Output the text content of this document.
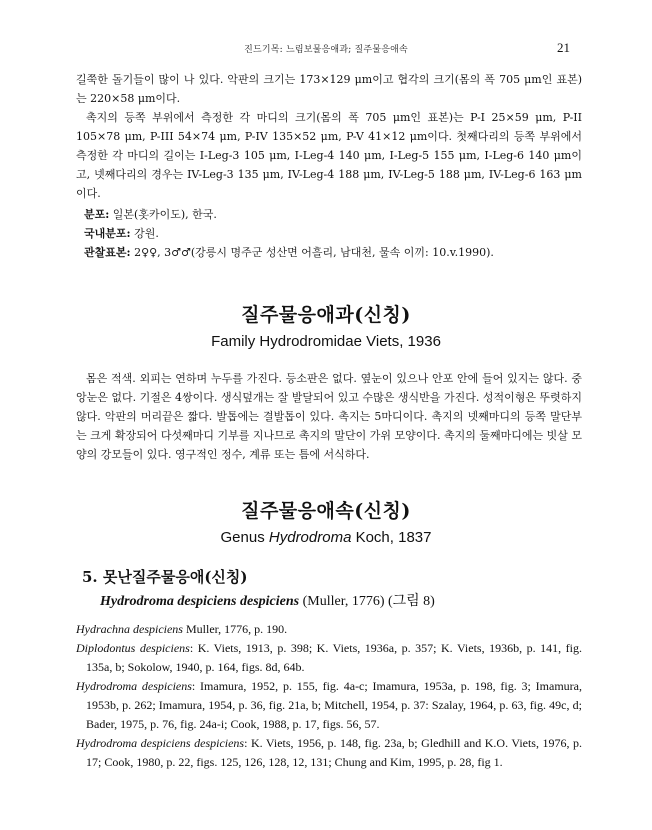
진드기목: 느림보물응애과; 질주물응애속	21

길쭉한 돌기들이 많이 나 있다. 악판의 크기는 173×129 μm이고 협각의 크기(몸의 폭 705 μm인 표본)는 220×58 μm이다.

촉지의 등쪽 부위에서 측정한 각 마디의 크기(몸의 폭 705 μm인 표본)는 P-I 25×59 μm, P-II 105×78 μm, P-III 54×74 μm, P-IV 135×52 μm, P-V 41×12 μm이다. 첫째다리의 등쪽 부위에서 측정한 각 마디의 길이는 I-Leg-3 105 μm, I-Leg-4 140 μm, I-Leg-5 155 μm, I-Leg-6 140 μm이고, 넷째다리의 경우는 IV-Leg-3 135 μm, IV-Leg-4 188 μm, IV-Leg-5 188 μm, IV-Leg-6 163 μm이다.

분포: 일본(홋카이도), 한국.
국내분포: 강원.
관찰표본: 2♀♀, 3♂♂(강릉시 명주군 성산면 어흘리, 남대천, 물속 이끼: 10.v.1990).
질주물응애과(신칭)
Family Hydrodromidae Viets, 1936
몸은 적색. 외피는 연하며 누두를 가진다. 등소판은 없다. 옆눈이 있으나 안포 안에 들어 있지는 않다. 중앙눈은 없다. 기절은 4쌍이다. 생식덮개는 잘 발달되어 있고 수많은 생식반을 가진다. 성적이형은 뚜렷하지 않다. 악판의 머리끝은 짧다. 발톱에는 결발톱이 있다. 촉지는 5마디이다. 촉지의 넷째마디의 등쪽 말단부는 크게 확장되어 다섯째마디 기부를 지나므로 촉지의 말단이 가위 모양이다. 촉지의 둘째마디에는 빗살 모양의 강모들이 있다. 영구적인 정수, 계류 또는 틈에 서식하다.
질주물응애속(신칭)
Genus Hydrodroma Koch, 1837
5. 못난질주물응애(신칭)
Hydrodroma despiciens despiciens (Muller, 1776) (그림 8)
Hydrachna despiciens Muller, 1776, p. 190.
Diplodontus despiciens: K. Viets, 1913, p. 398; K. Viets, 1936a, p. 357; K. Viets, 1936b, p. 141, fig. 135a, b; Sokolow, 1940, p. 164, figs. 8d, 64b.
Hydrodroma despiciens: Imamura, 1952, p. 155, fig. 4a-c; Imamura, 1953a, p. 198, fig. 3; Imamura, 1953b, p. 262; Imamura, 1954, p. 36, fig. 21a, b; Mitchell, 1954, p. 37: Szalay, 1964, p. 63, fig. 49c, d; Bader, 1975, p. 76, fig. 24a-i; Cook, 1988, p. 17, figs. 56, 57.
Hydrodroma despiciens despiciens: K. Viets, 1956, p. 148, fig. 23a, b; Gledhill and K.O. Viets, 1976, p. 17; Cook, 1980, p. 22, figs. 125, 126, 128, 12, 131; Chung and Kim, 1995, p. 28, fig 1.
